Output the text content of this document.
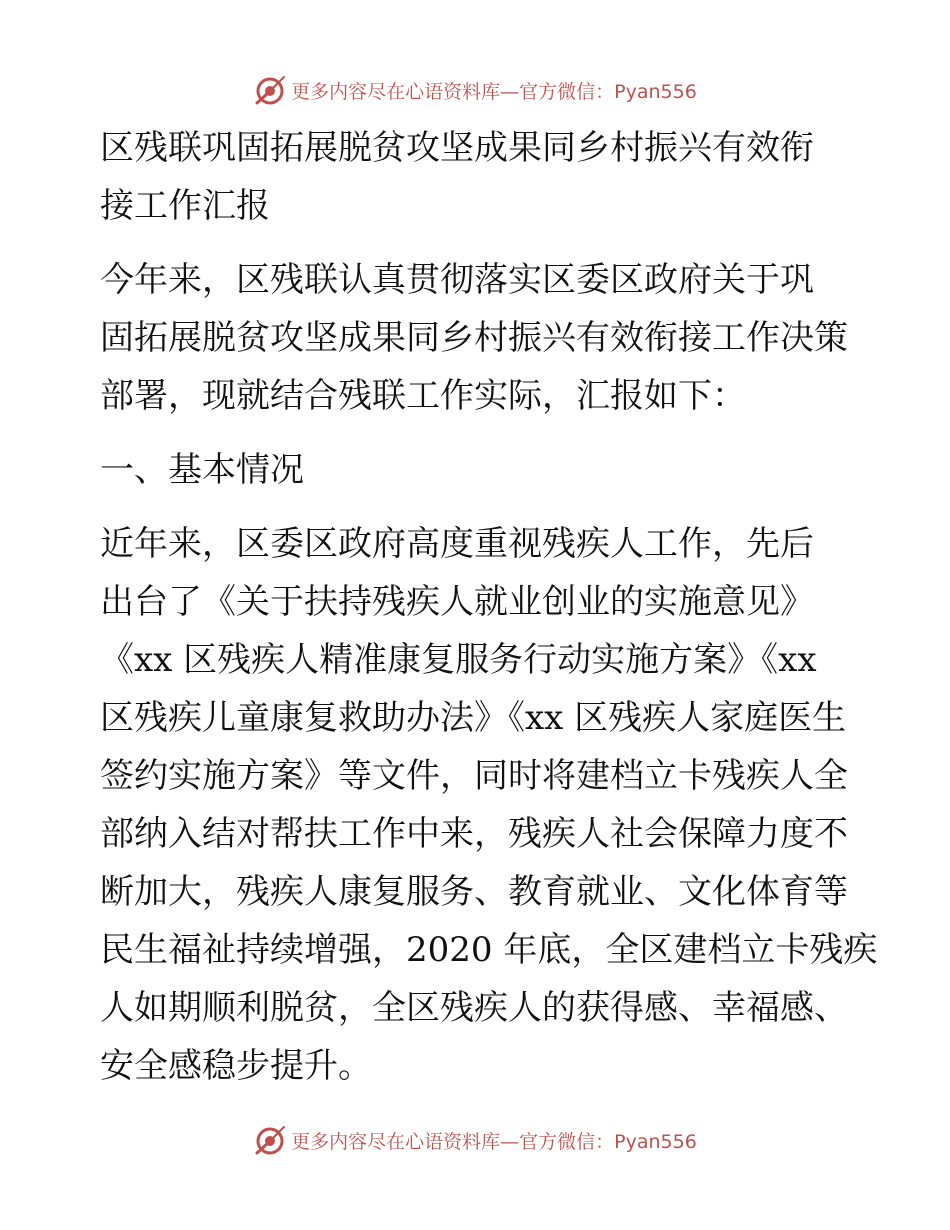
更多内容尽在心语资料库—官方微信：Pyan556
区残联巩固拓展脱贫攻坚成果同乡村振兴有效衔
接工作汇报
今年来，区残联认真贯彻落实区委区政府关于巩
固拓展脱贫攻坚成果同乡村振兴有效衔接工作决策
部署，现就结合残联工作实际，汇报如下：
一、基本情况
近年来，区委区政府高度重视残疾人工作，先后
出台了《关于扶持残疾人就业创业的实施意见》
《xx 区残疾人精准康复服务行动实施方案》《xx
区残疾儿童康复救助办法》《xx 区残疾人家庭医生
签约实施方案》等文件，同时将建档立卡残疾人全
部纳入结对帮扶工作中来，残疾人社会保障力度不
断加大，残疾人康复服务、教育就业、文化体育等
民生福祉持续增强，2020 年底，全区建档立卡残疾
人如期顺利脱贫，全区残疾人的获得感、幸福感、
安全感稳步提升。
更多内容尽在心语资料库—官方微信：Pyan556
